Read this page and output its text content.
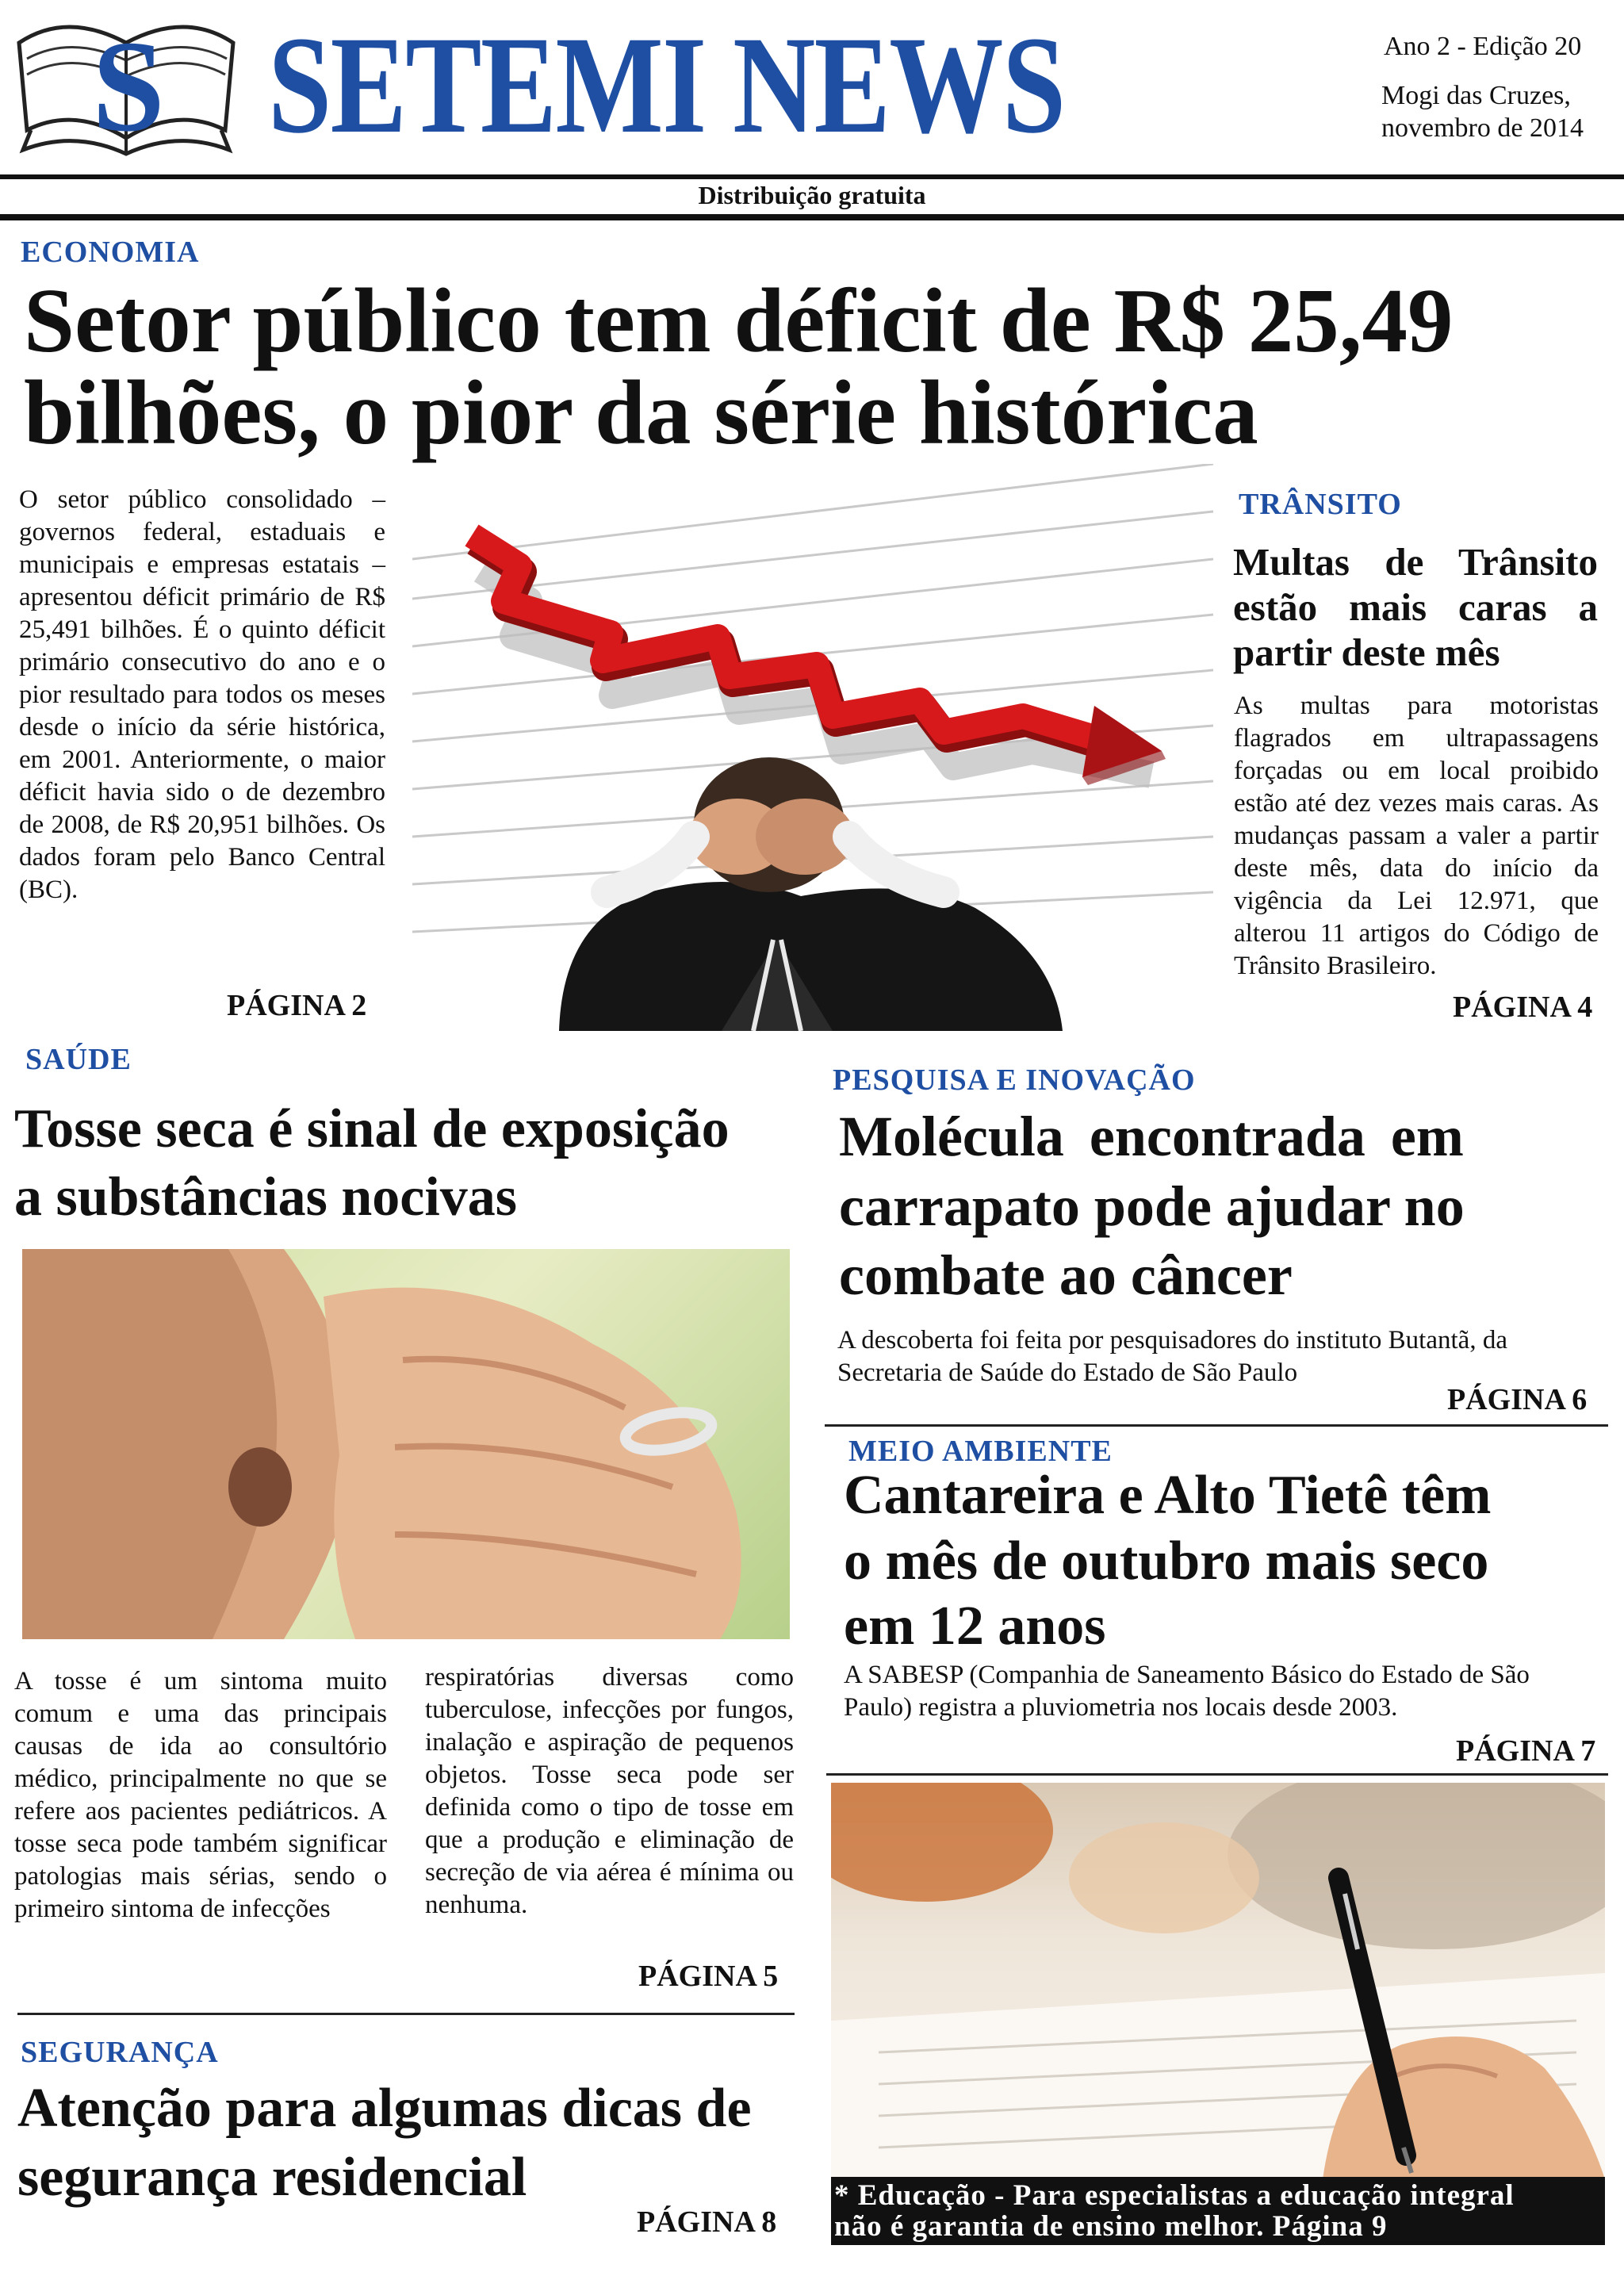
S SETEMI NEWS	Ano 2 - Edição 20
Mogi das Cruzes,
novembro de 2014
Distribuição gratuita
ECONOMIA
Setor público tem déficit de R$ 25,49
bilhões, o pior da série histórica
O setor público consolidado – governos federal, estaduais e municipais e empresas estatais – apresentou déficit primário de R$ 25,491 bilhões. É o quinto déficit primário consecutivo do ano e o pior resultado para todos os meses desde o início da série histórica, em 2001. Anteriormente, o maior déficit havia sido o de dezembro de 2008, de R$ 20,951 bilhões. Os dados foram pelo Banco Central (BC).
PÁGINA 2
TRÂNSITO
Multas de Trânsito estão mais caras a partir deste mês
As multas para motoristas flagrados em ultrapassagens forçadas ou em local proibido estão até dez vezes mais caras. As mudanças passam a valer a partir deste mês, data do início da vigência da Lei 12.971, que alterou 11 artigos do Código de Trânsito Brasileiro.
PÁGINA 4
SAÚDE
Tosse seca é sinal de exposição
a substâncias nocivas
A tosse é um sintoma muito comum e uma das principais causas de ida ao consultório médico, principalmente no que se refere aos pacientes pediátricos. A tosse seca pode também significar patologias mais sérias, sendo o primeiro sintoma de infecções
respiratórias diversas como tuberculose, infecções por fungos, inalação e aspiração de pequenos objetos. Tosse seca pode ser definida como o tipo de tosse em que a produção e eliminação de secreção de via aérea é mínima ou nenhuma.
PÁGINA 5
SEGURANÇA
Atenção para algumas dicas de
segurança residencial
PÁGINA 8
PESQUISA E INOVAÇÃO
Molécula encontrada em
carrapato pode ajudar no
combate ao câncer
A descoberta foi feita por pesquisadores do instituto Butantã, da Secretaria de Saúde do Estado de São Paulo
PÁGINA 6
MEIO AMBIENTE
Cantareira e Alto Tietê têm
o mês de outubro mais seco
em 12 anos
A SABESP (Companhia de Saneamento Básico do Estado de São Paulo) registra a pluviometria nos locais desde 2003.
PÁGINA 7
* Educação - Para especialistas a educação integral
não é garantia de ensino melhor. Página 9
